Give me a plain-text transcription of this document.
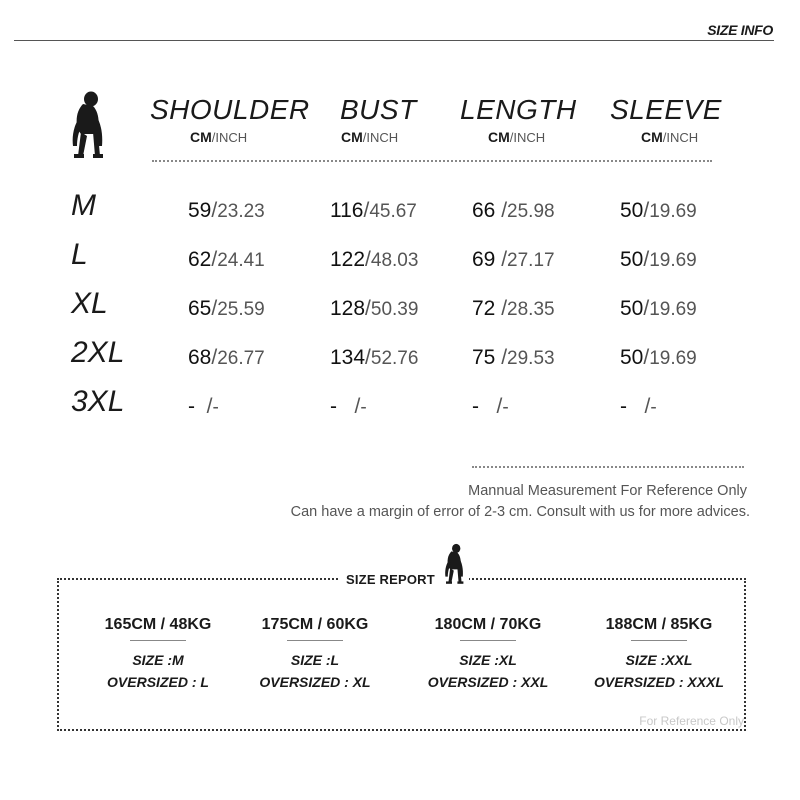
SIZE INFO
SHOULDER
CM/INCH
BUST
CM/INCH
LENGTH
CM/INCH
SLEEVE
CM/INCH
M	59/23.23	116/45.67	66 /25.98	50/19.69
L	62/24.41	122/48.03	69 /27.17	50/19.69
XL	65/25.59	128/50.39	72 /28.35	50/19.69
2XL	68/26.77	134/52.76	75 /29.53	50/19.69
3XL	-  /-	-   /-	-   /-	-   /-
Mannual Measurement For Reference Only
Can have a margin of error of 2-3 cm. Consult with us for more advices.
SIZE REPORT
165CM / 48KG
SIZE :M
OVERSIZED : L
175CM / 60KG
SIZE :L
OVERSIZED : XL
180CM / 70KG
SIZE :XL
OVERSIZED : XXL
188CM / 85KG
SIZE :XXL
OVERSIZED : XXXL
For Reference Only
